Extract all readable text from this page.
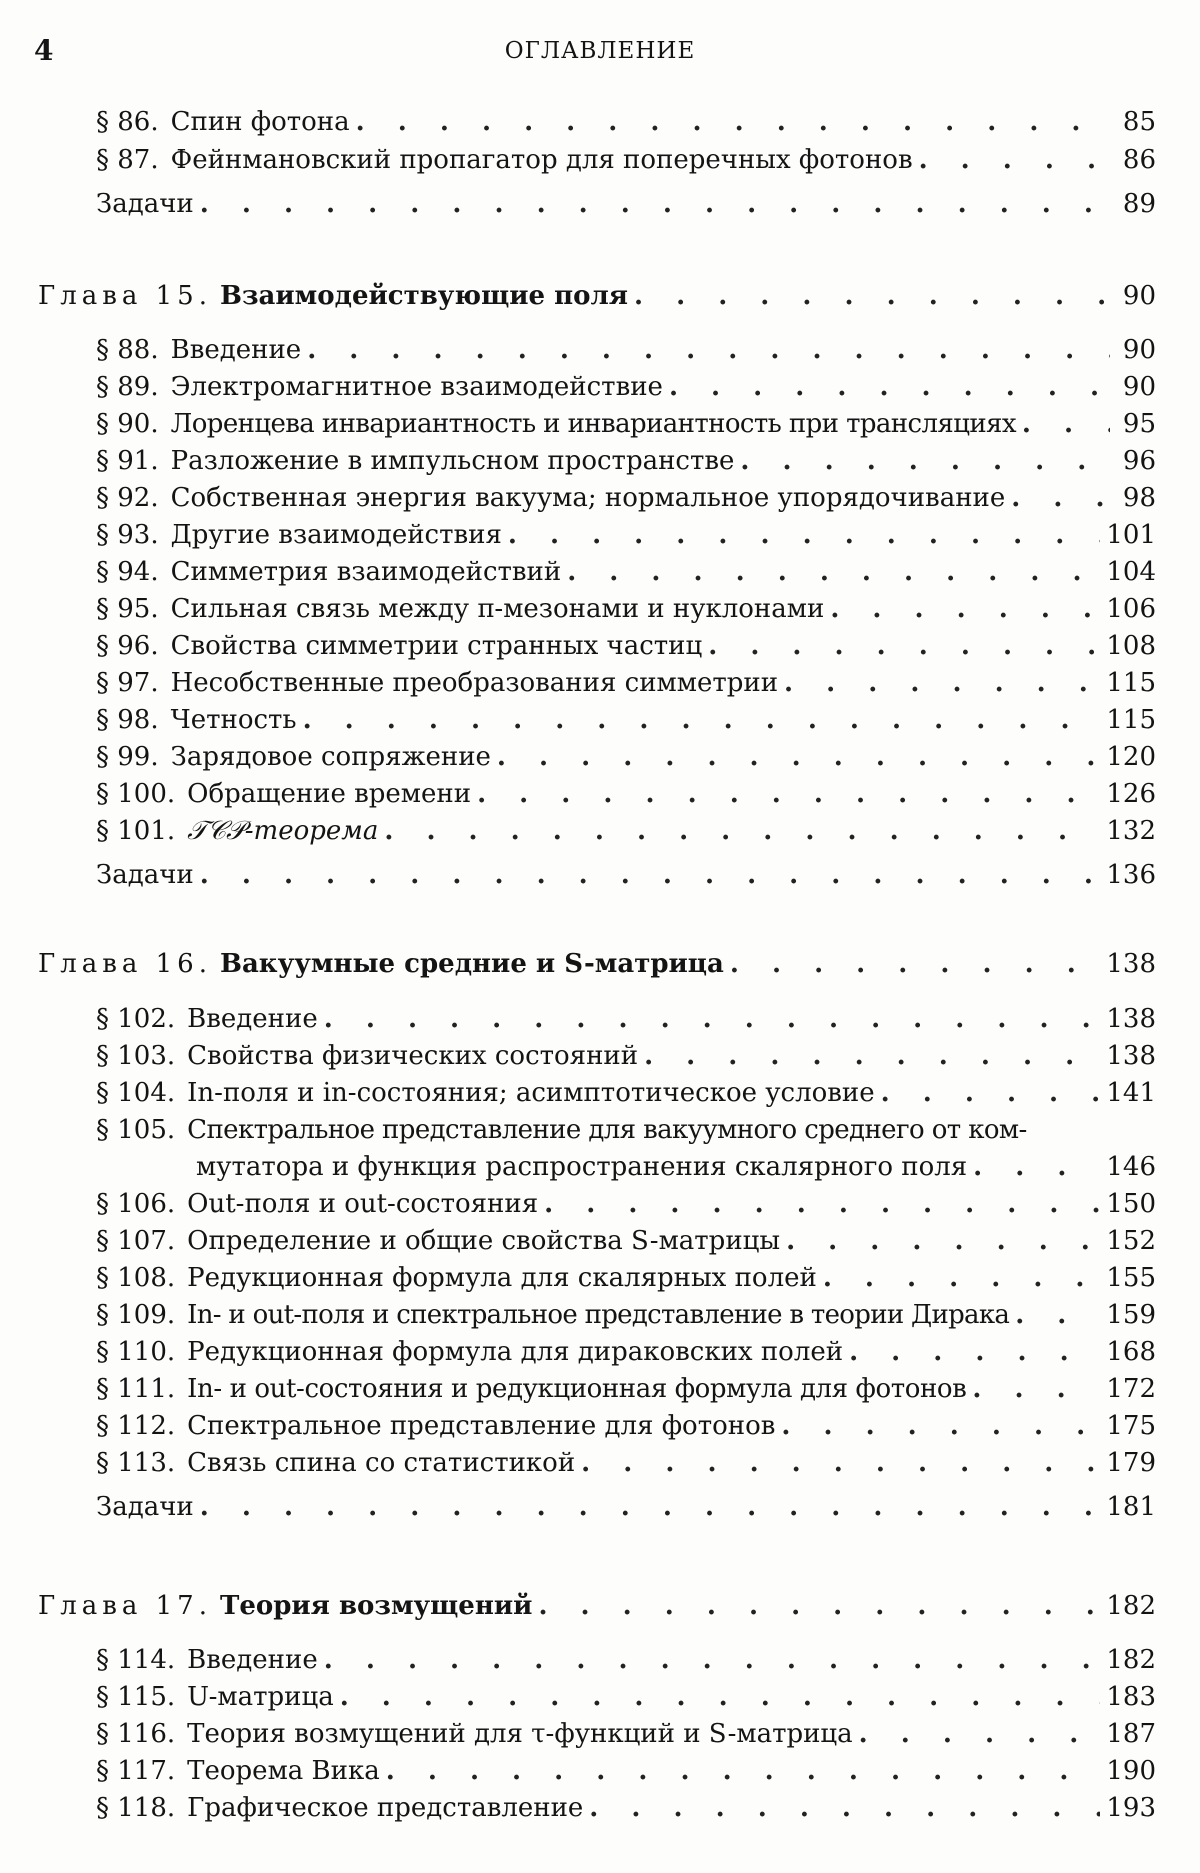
4	ОГЛАВЛЕНИЕ
§ 86. Спин фотона . . .	85
§ 87. Фейнмановский пропагатор для поперечных фотонов . . .	86
Задачи . . .	89
Глава 15. Взаимодействующие поля . . .	90
§ 88. Введение . . .	90
§ 89. Электромагнитное взаимодействие . . .	90
§ 90. Лоренцева инвариантность и инвариантность при трансляциях . . .	95
§ 91. Разложение в импульсном пространстве . . .	96
§ 92. Собственная энергия вакуума; нормальное упорядочивание . . .	98
§ 93. Другие взаимодействия . . .	101
§ 94. Симметрия взаимодействий . . .	104
§ 95. Сильная связь между π-мезонами и нуклонами . . .	106
§ 96. Свойства симметрии странных частиц . . .	108
§ 97. Несобственные преобразования симметрии . . .	115
§ 98. Четность . . .	115
§ 99. Зарядовое сопряжение . . .	120
§ 100. Обращение времени . . .	126
§ 101. 𝒯𝒞𝒫-теорема . . .	132
Задачи . . .	136
Глава 16. Вакуумные средние и S-матрица . . .	138
§ 102. Введение . . .	138
§ 103. Свойства физических состояний . . .	138
§ 104. In-поля и in-состояния; асимптотическое условие . . .	141
§ 105. Спектральное представление для вакуумного среднего от ком-
мутатора и функция распространения скалярного поля . . .	146
§ 106. Out-поля и out-состояния . . .	150
§ 107. Определение и общие свойства S-матрицы . . .	152
§ 108. Редукционная формула для скалярных полей . . .	155
§ 109. In- и out-поля и спектральное представление в теории Дирака . . .	159
§ 110. Редукционная формула для дираковских полей . . .	168
§ 111. In- и out-состояния и редукционная формула для фотонов . . .	172
§ 112. Спектральное представление для фотонов . . .	175
§ 113. Связь спина со статистикой . . .	179
Задачи . . .	181
Глава 17. Теория возмущений . . .	182
§ 114. Введение . . .	182
§ 115. U-матрица . . .	183
§ 116. Теория возмущений для τ-функций и S-матрица . . .	187
§ 117. Теорема Вика . . .	190
§ 118. Графическое представление . . .	193
